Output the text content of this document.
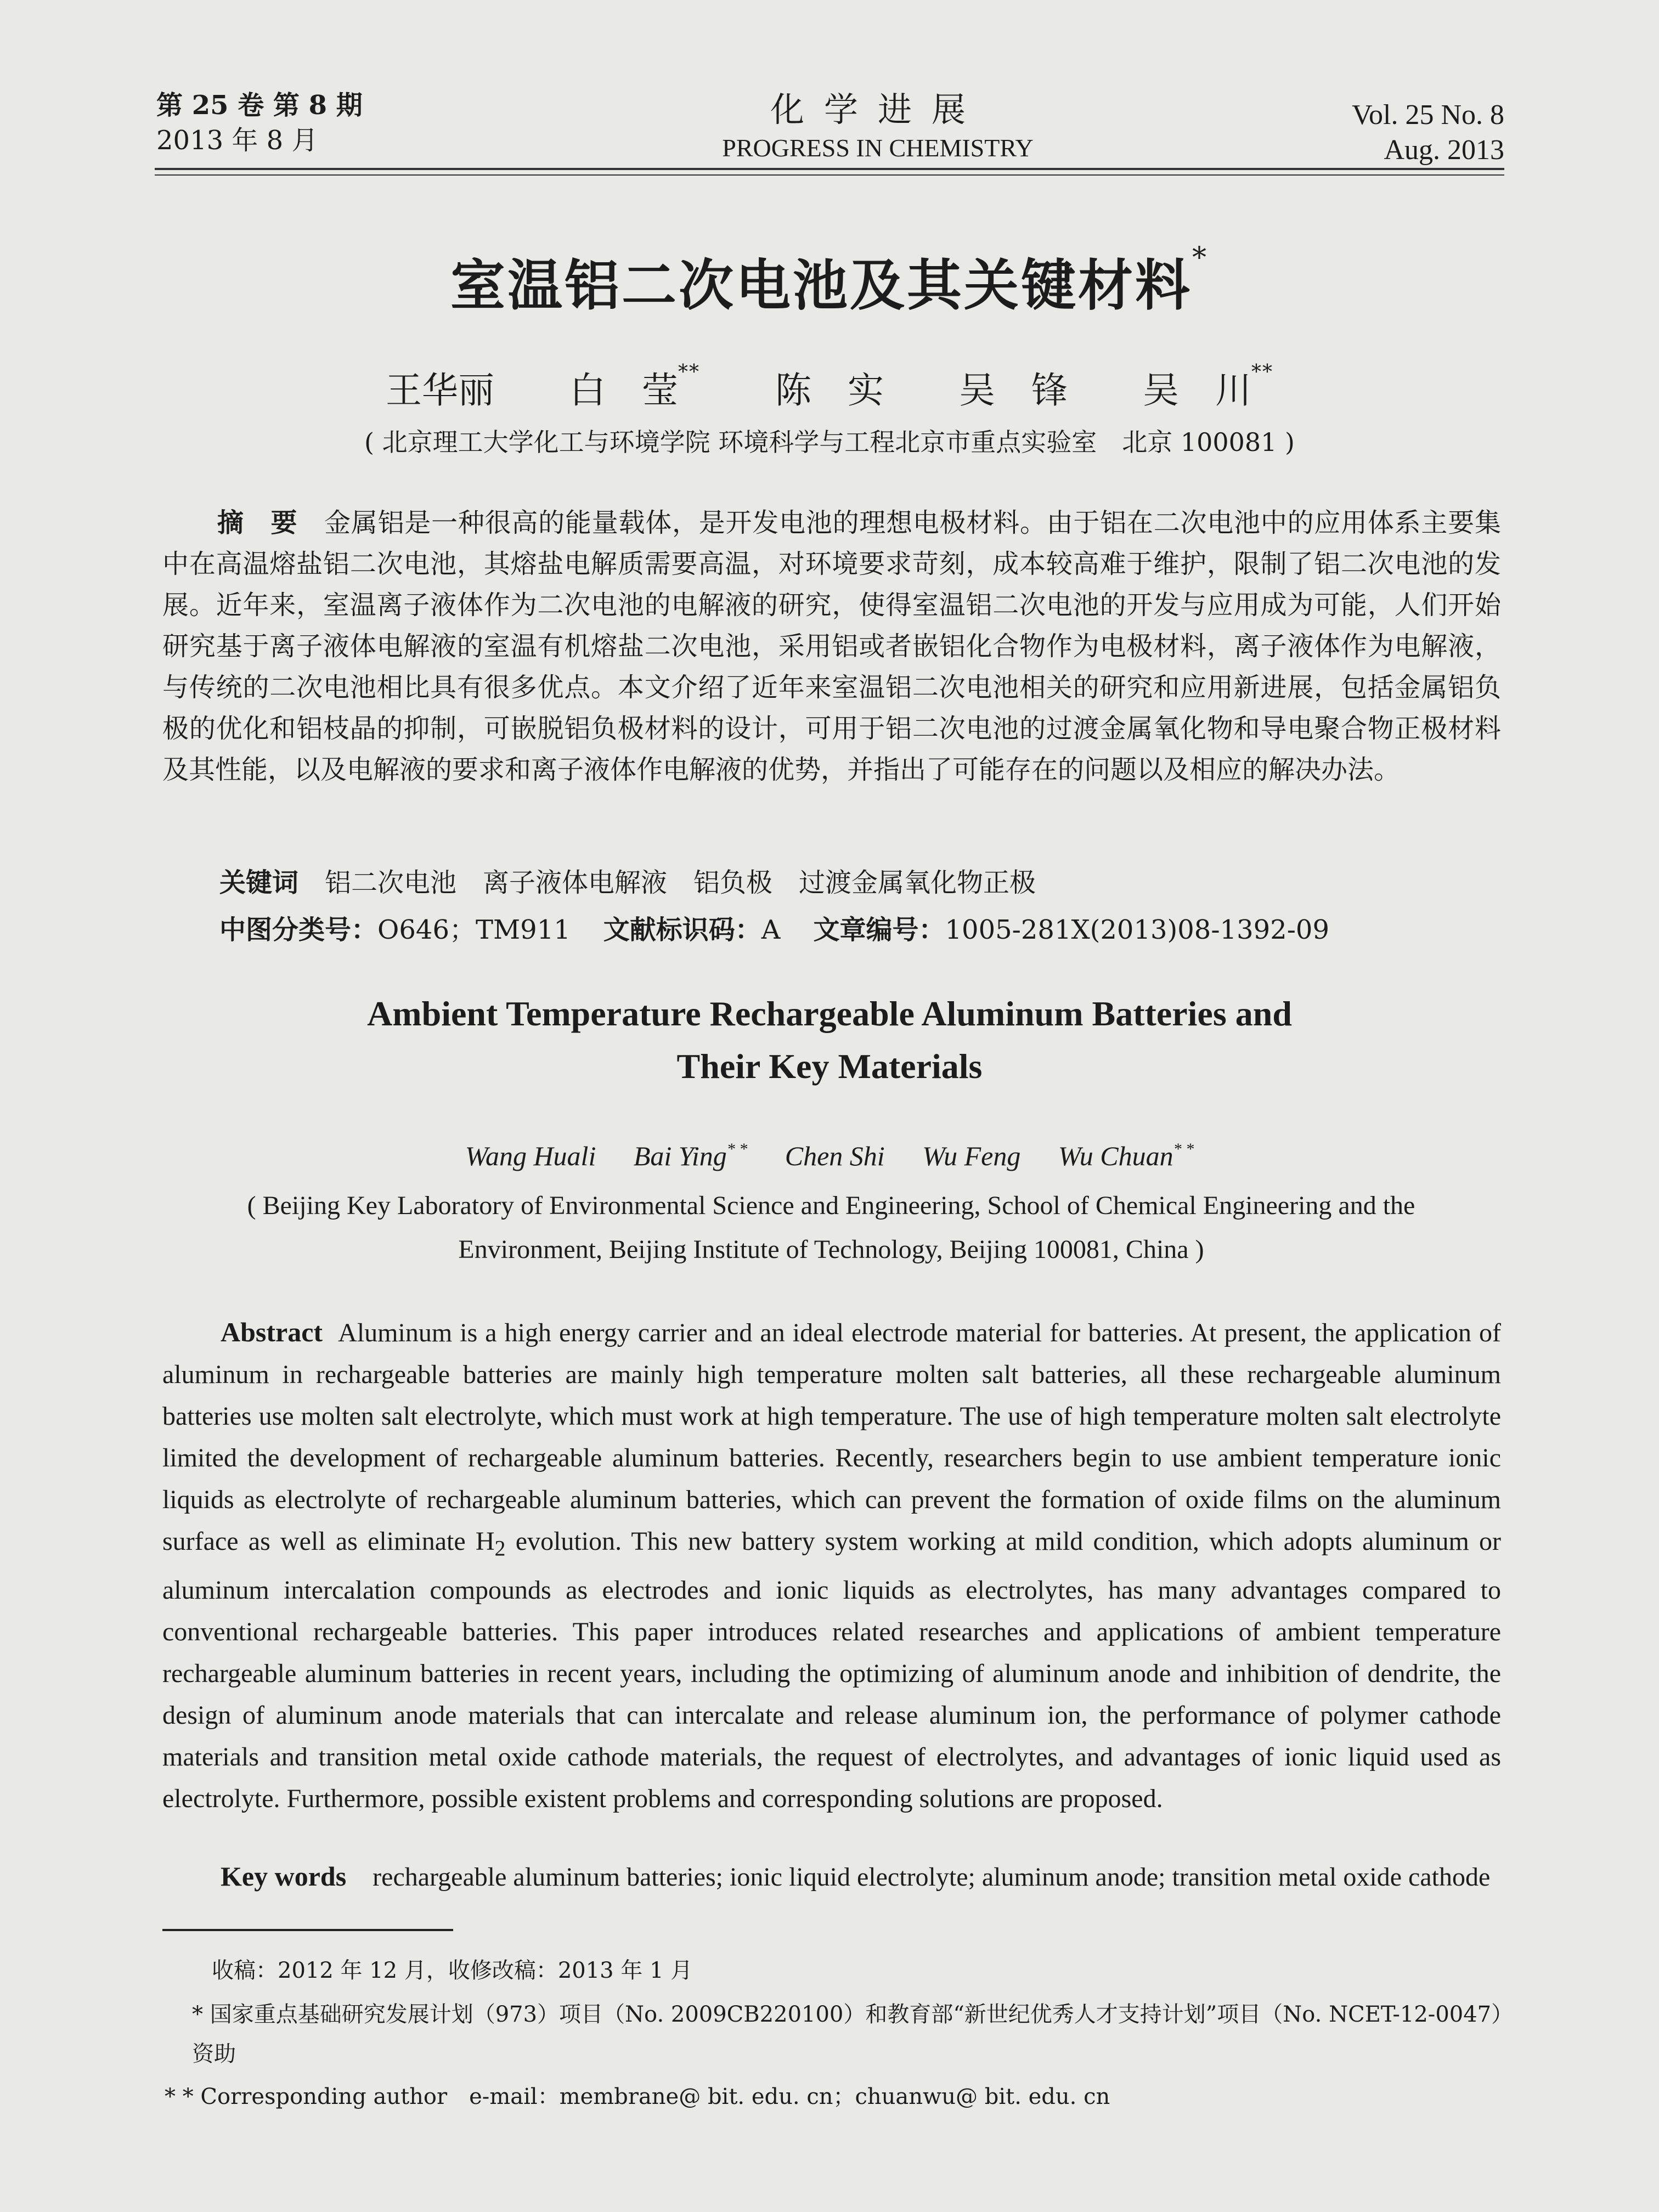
第 25 卷 第 8 期
2013 年 8 月
化学进展
PROGRESS IN CHEMISTRY
Vol. 25 No. 8
Aug. 2013
室温铝二次电池及其关键材料*
王华丽 白　莹** 陈　实 吴　锋 吴　川**
( 北京理工大学化工与环境学院 环境科学与工程北京市重点实验室　北京 100081 )
摘　要　 金属铝是一种很高的能量载体，是开发电池的理想电极材料。由于铝在二次电池中的应用体系主要集中在高温熔盐铝二次电池，其熔盐电解质需要高温，对环境要求苛刻，成本较高难于维护，限制了铝二次电池的发展。近年来，室温离子液体作为二次电池的电解液的研究，使得室温铝二次电池的开发与应用成为可能，人们开始研究基于离子液体电解液的室温有机熔盐二次电池，采用铝或者嵌铝化合物作为电极材料，离子液体作为电解液，与传统的二次电池相比具有很多优点。本文介绍了近年来室温铝二次电池相关的研究和应用新进展，包括金属铝负极的优化和铝枝晶的抑制，可嵌脱铝负极材料的设计，可用于铝二次电池的过渡金属氧化物和导电聚合物正极材料及其性能，以及电解液的要求和离子液体作电解液的优势，并指出了可能存在的问题以及相应的解决办法。
关键词　 铝二次电池　离子液体电解液　铝负极　过渡金属氧化物正极
中图分类号：O646；TM911 文献标识码：A 文章编号：1005-281X(2013)08-1392-09
Ambient Temperature Rechargeable Aluminum Batteries and
Their Key Materials
Wang Huali Bai Ying* * Chen Shi Wu Feng Wu Chuan* *
( Beijing Key Laboratory of Environmental Science and Engineering, School of Chemical Engineering and the Environment, Beijing Institute of Technology, Beijing 100081, China )
Abstract Aluminum is a high energy carrier and an ideal electrode material for batteries. At present, the application of aluminum in rechargeable batteries are mainly high temperature molten salt batteries, all these rechargeable aluminum batteries use molten salt electrolyte, which must work at high temperature. The use of high temperature molten salt electrolyte limited the development of rechargeable aluminum batteries. Recently, researchers begin to use ambient temperature ionic liquids as electrolyte of rechargeable aluminum batteries, which can prevent the formation of oxide films on the aluminum surface as well as eliminate $H_2$ evolution. This new battery system working at mild condition, which adopts aluminum or aluminum intercalation compounds as electrodes and ionic liquids as electrolytes, has many advantages compared to conventional rechargeable batteries. This paper introduces related researches and applications of ambient temperature rechargeable aluminum batteries in recent years, including the optimizing of aluminum anode and inhibition of dendrite, the design of aluminum anode materials that can intercalate and release aluminum ion, the performance of polymer cathode materials and transition metal oxide cathode materials, the request of electrolytes, and advantages of ionic liquid used as electrolyte. Furthermore, possible existent problems and corresponding solutions are proposed.
Key words rechargeable aluminum batteries; ionic liquid electrolyte; aluminum anode; transition metal oxide cathode
收稿：2012 年 12 月，收修改稿：2013 年 1 月
* 国家重点基础研究发展计划（973）项目（No. 2009CB220100）和教育部“新世纪优秀人才支持计划”项目（No. NCET-12-0047）资助
* * Corresponding author　e-mail：membrane@ bit. edu. cn；chuanwu@ bit. edu. cn
